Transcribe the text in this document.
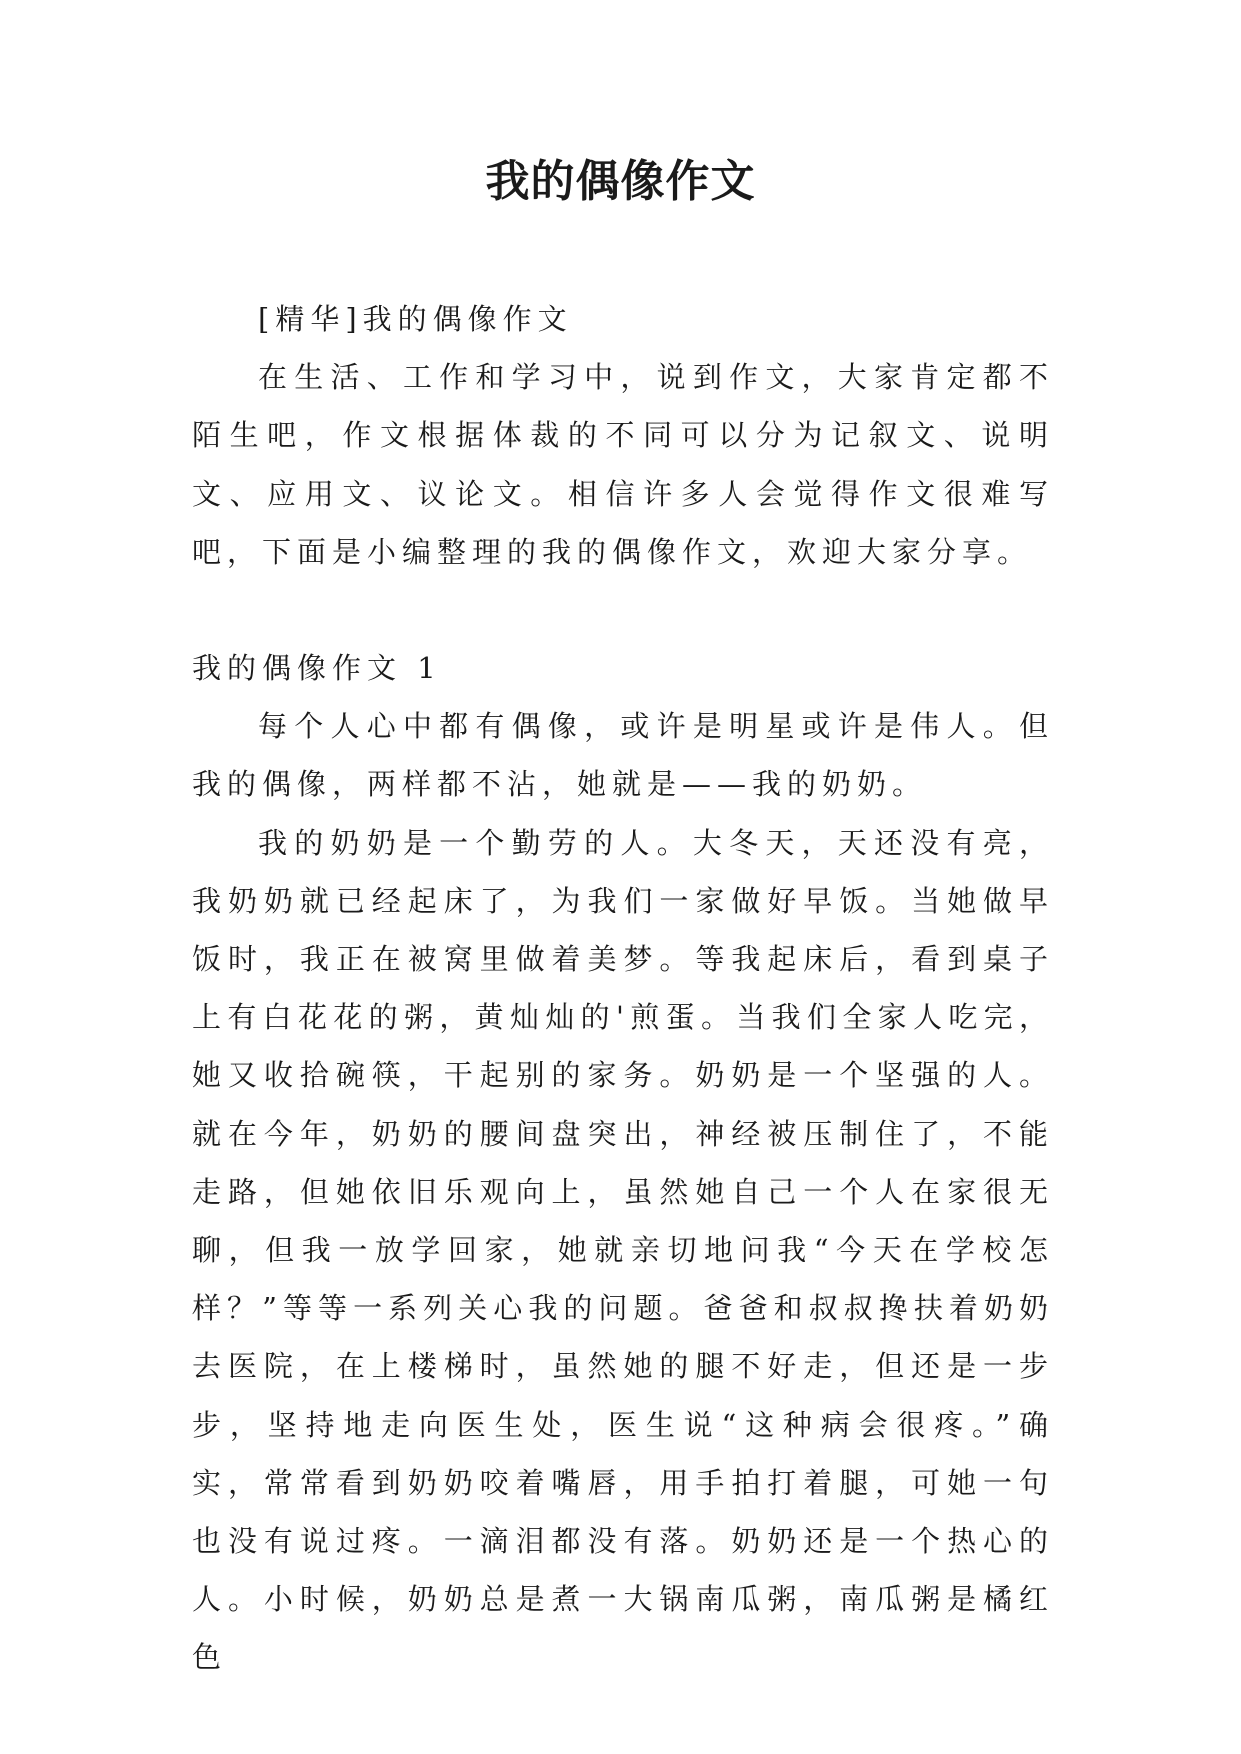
我的偶像作文

[精华]我的偶像作文

在生活、工作和学习中，说到作文，大家肯定都不陌生吧，作文根据体裁的不同可以分为记叙文、说明文、应用文、议论文。相信许多人会觉得作文很难写吧，下面是小编整理的我的偶像作文，欢迎大家分享。

我的偶像作文 1

每个人心中都有偶像，或许是明星或许是伟人。但我的偶像，两样都不沾，她就是——我的奶奶。

我的奶奶是一个勤劳的人。大冬天，天还没有亮，我奶奶就已经起床了，为我们一家做好早饭。当她做早饭时，我正在被窝里做着美梦。等我起床后，看到桌子上有白花花的粥，黄灿灿的'煎蛋。当我们全家人吃完，她又收拾碗筷，干起别的家务。奶奶是一个坚强的人。就在今年，奶奶的腰间盘突出，神经被压制住了，不能走路，但她依旧乐观向上，虽然她自己一个人在家很无聊，但我一放学回家，她就亲切地问我“今天在学校怎样？”等等一系列关心我的问题。爸爸和叔叔搀扶着奶奶去医院，在上楼梯时，虽然她的腿不好走，但还是一步步，坚持地走向医生处，医生说“这种病会很疼。”确实，常常看到奶奶咬着嘴唇，用手拍打着腿，可她一句也没有说过疼。一滴泪都没有落。奶奶还是一个热心的人。小时候，奶奶总是煮一大锅南瓜粥，南瓜粥是橘红色
